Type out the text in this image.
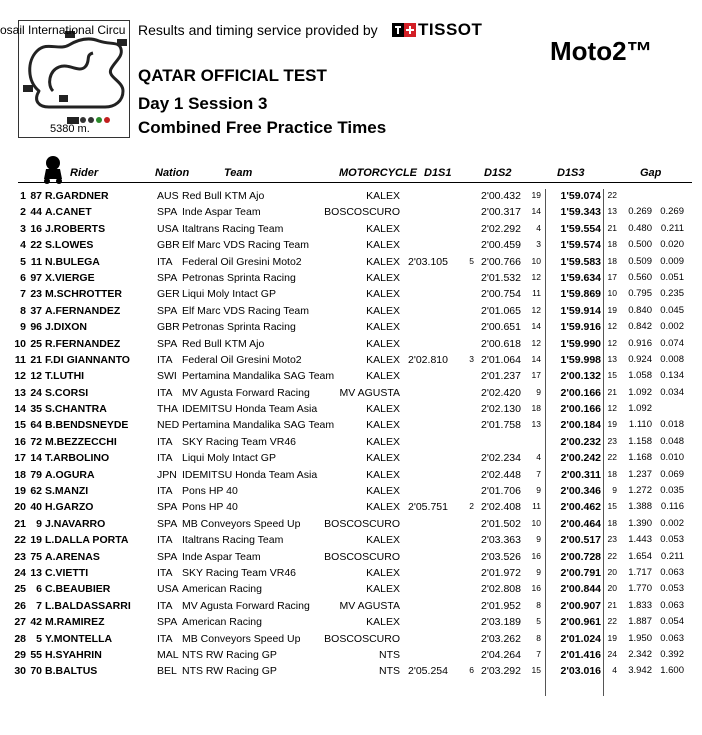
osail International Circu
5380 m.
Results and timing service provided by TISSOT
Moto2™
QATAR OFFICIAL TEST
Day 1 Session 3
Combined Free Practice Times
Rider	Nation	Team	MOTORCYCLE D1S1	D1S2	D1S3	Gap
1 87 R.GARDNER	AUS Red Bull KTM Ajo	KALEX	2'00.432	19	1'59.074 22
2 44 A.CANET	SPA Inde Aspar Team	BOSCOSCURO	2'00.317	14	1'59.343 13	0.269 0.269
3 16 J.ROBERTS	USA Italtrans Racing Team	KALEX	2'02.292	4	1'59.554 21	0.480 0.211
4 22 S.LOWES	GBR Elf Marc VDS Racing Team	KALEX	2'00.459	3	1'59.574 18	0.500 0.020
5 11 N.BULEGA	ITA Federal Oil Gresini Moto2	KALEX 2'03.105	5 2'00.766	10	1'59.583 18	0.509 0.009
6 97 X.VIERGE	SPA Petronas Sprinta Racing	KALEX	2'01.532	12	1'59.634 17	0.560 0.051
7 23 M.SCHROTTER	GER Liqui Moly Intact GP	KALEX	2'00.754	11	1'59.869 10	0.795 0.235
8 37 A.FERNANDEZ	SPA Elf Marc VDS Racing Team	KALEX	2'01.065	12	1'59.914 19	0.840 0.045
9 96 J.DIXON	GBR Petronas Sprinta Racing	KALEX	2'00.651	14	1'59.916 12	0.842 0.002
10 25 R.FERNANDEZ	SPA Red Bull KTM Ajo	KALEX	2'00.618	12	1'59.990 12	0.916 0.074
11 21 F.DI GIANNANTO	ITA Federal Oil Gresini Moto2	KALEX 2'02.810	3 2'01.064	14	1'59.998 13	0.924 0.008
12 12 T.LUTHI	SWI Pertamina Mandalika SAG Team	KALEX	2'01.237	17	2'00.132 15	1.058 0.134
13 24 S.CORSI	ITA MV Agusta Forward Racing	MV AGUSTA	2'02.420	9	2'00.166 21	1.092 0.034
14 35 S.CHANTRA	THA IDEMITSU Honda Team Asia	KALEX	2'02.130	18	2'00.166 12	1.092
15 64 B.BENDSNEYDE	NED Pertamina Mandalika SAG Team	KALEX	2'01.758	13	2'00.184 19	1.110 0.018
16 72 M.BEZZECCHI	ITA SKY Racing Team VR46	KALEX	2'00.232 23	1.158 0.048
17 14 T.ARBOLINO	ITA Liqui Moly Intact GP	KALEX	2'02.234	4	2'00.242 22	1.168 0.010
18 79 A.OGURA	JPN IDEMITSU Honda Team Asia	KALEX	2'02.448	7	2'00.311 18	1.237 0.069
19 62 S.MANZI	ITA Pons HP 40	KALEX	2'01.706	9	2'00.346	9	1.272 0.035
20 40 H.GARZO	SPA Pons HP 40	KALEX 2'05.751	2 2'02.408	11	2'00.462 15	1.388 0.116
21 9 J.NAVARRO	SPA MB Conveyors Speed Up	BOSCOSCURO	2'01.502	10	2'00.464 18	1.390 0.002
22 19 L.DALLA PORTA	ITA Italtrans Racing Team	KALEX	2'03.363	9	2'00.517 23	1.443 0.053
23 75 A.ARENAS	SPA Inde Aspar Team	BOSCOSCURO	2'03.526	16	2'00.728 22	1.654 0.211
24 13 C.VIETTI	ITA SKY Racing Team VR46	KALEX	2'01.972	9	2'00.791 20	1.717 0.063
25 6 C.BEAUBIER	USA American Racing	KALEX	2'02.808	16	2'00.844 20	1.770 0.053
26 7 L.BALDASSARRI	ITA MV Agusta Forward Racing	MV AGUSTA	2'01.952	8	2'00.907 21	1.833 0.063
27 42 M.RAMIREZ	SPA American Racing	KALEX	2'03.189	5	2'00.961 22	1.887 0.054
28 5 Y.MONTELLA	ITA MB Conveyors Speed Up	BOSCOSCURO	2'03.262	8	2'01.024 19	1.950 0.063
29 55 H.SYAHRIN	MAL NTS RW Racing GP	NTS	2'04.264	7	2'01.416 24	2.342 0.392
30 70 B.BALTUS	BEL NTS RW Racing GP	NTS 2'05.254	6 2'03.292	15	2'03.016	4	3.942 1.600
